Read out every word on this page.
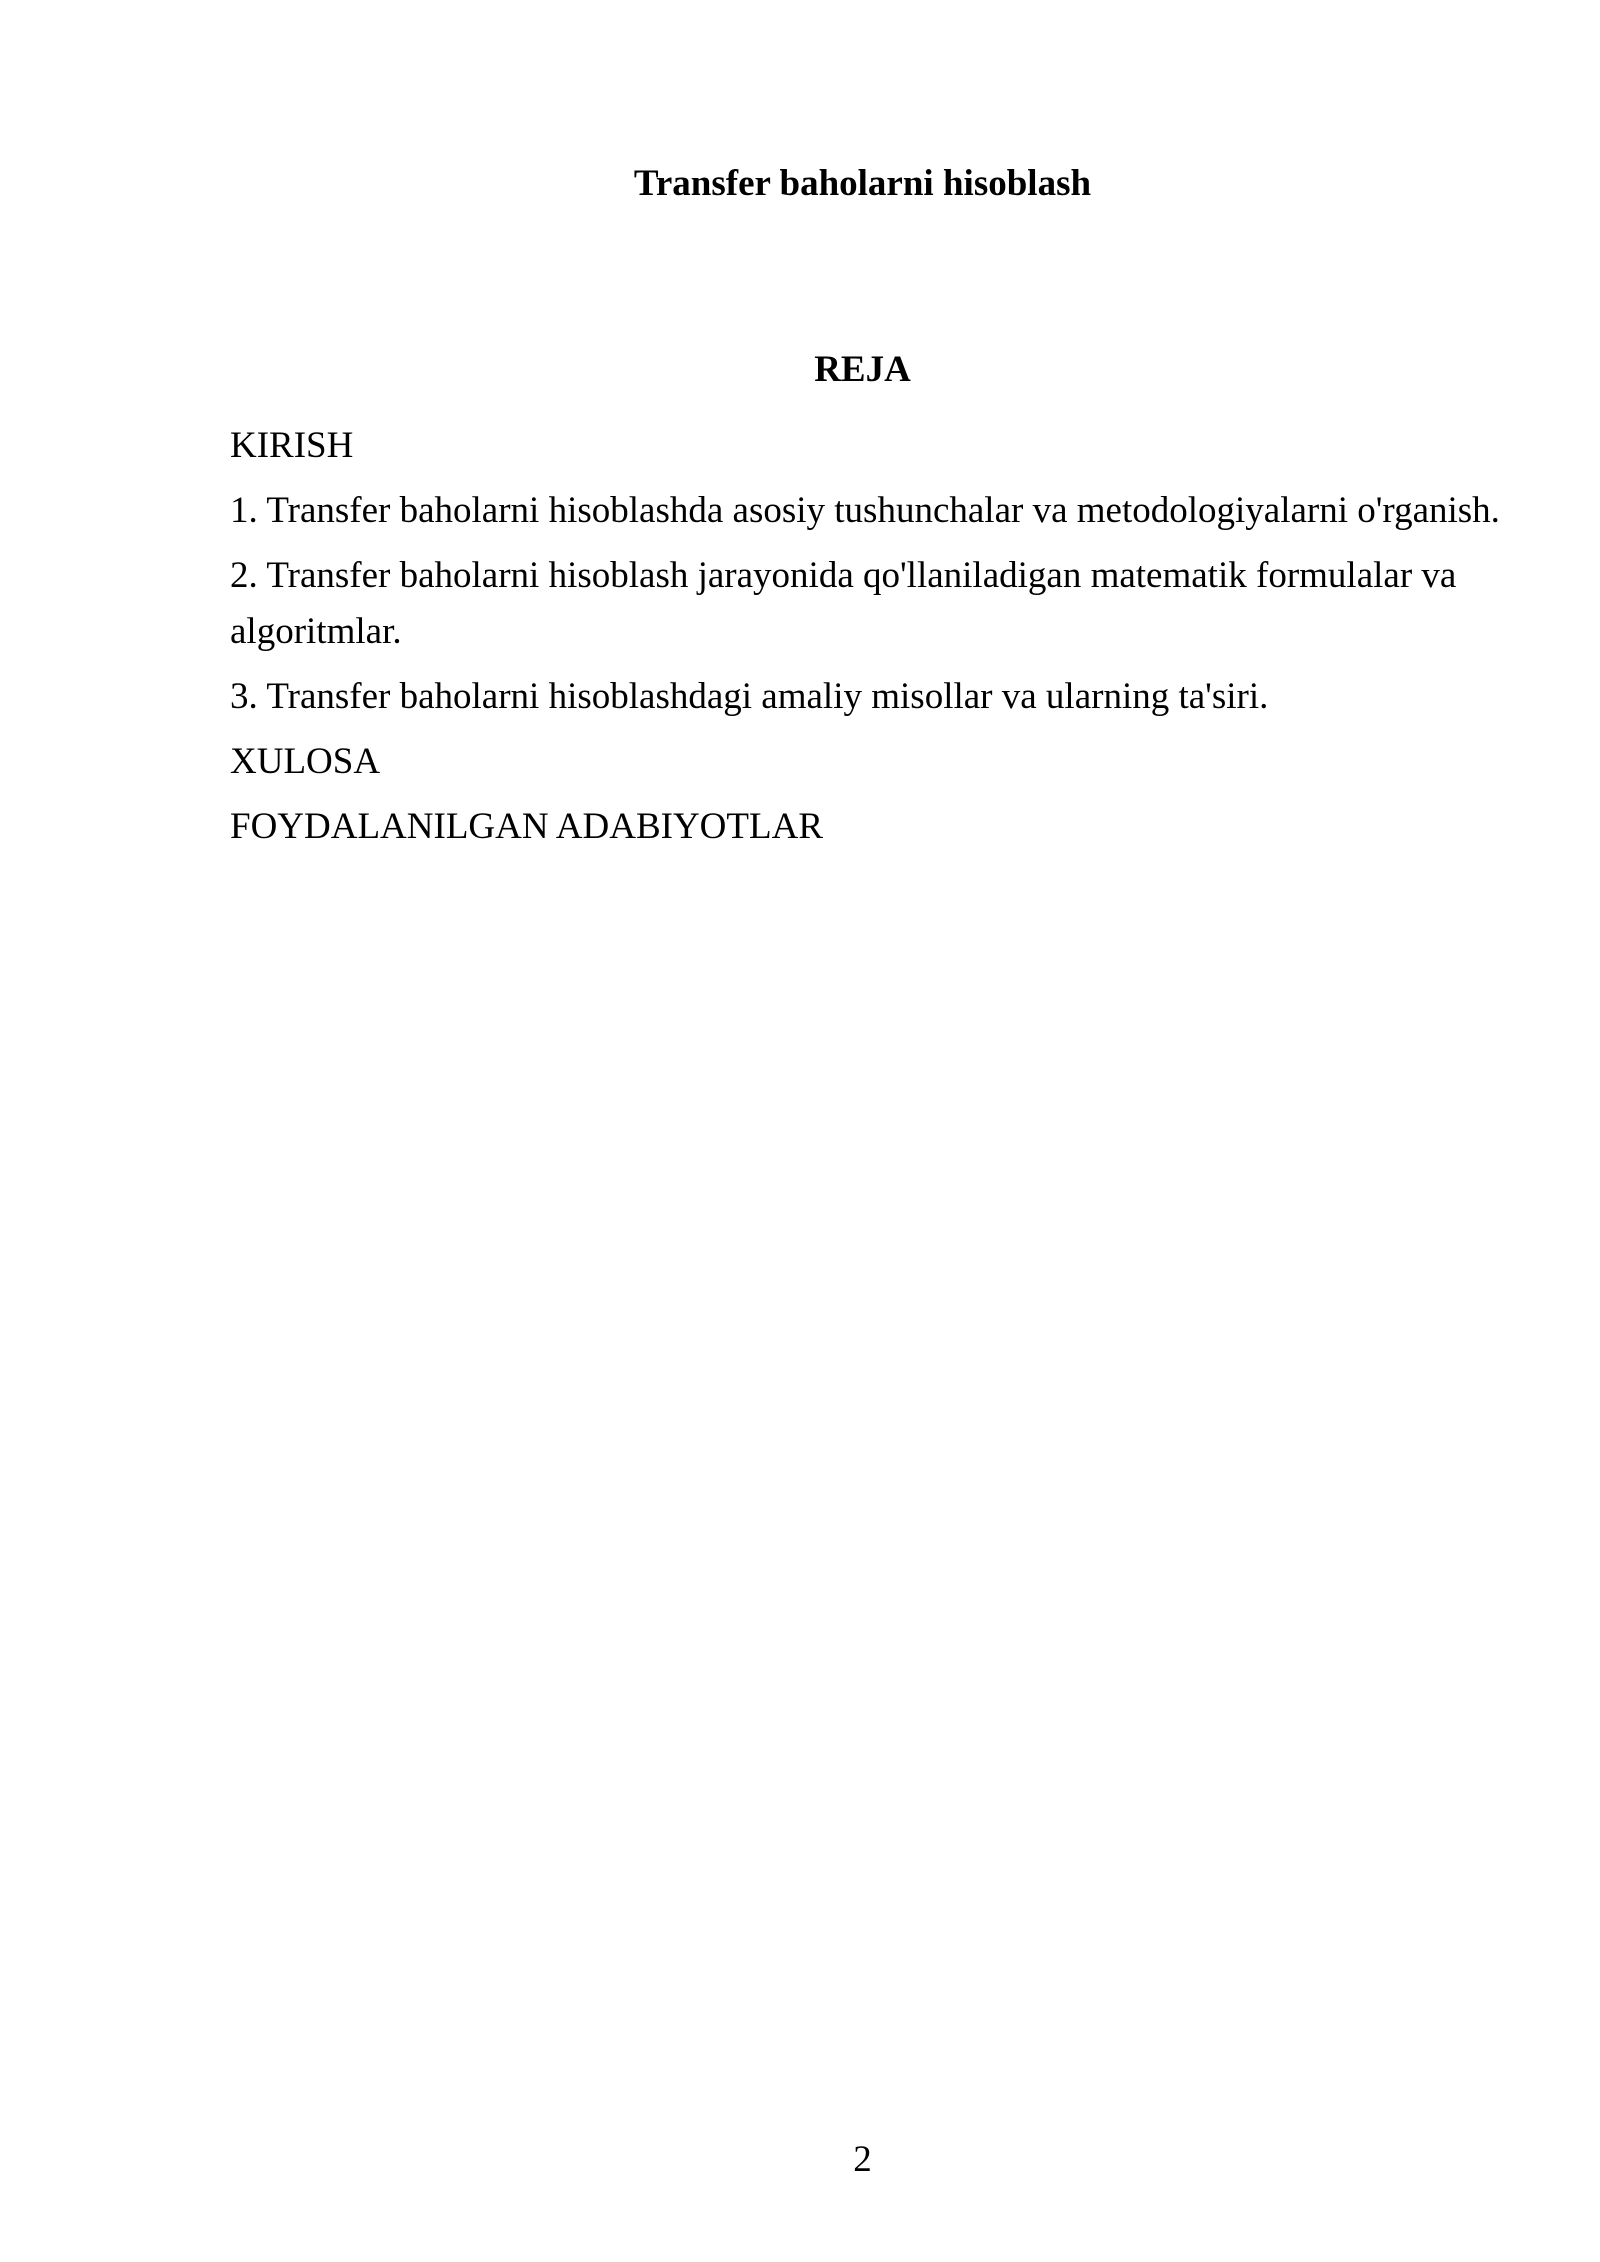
Transfer baholarni hisoblash
REJA
KIRISH
1. Transfer baholarni hisoblashda asosiy tushunchalar va metodologiyalarni o'rganish.
2. Transfer baholarni hisoblash jarayonida qo'llaniladigan matematik formulalar va algoritmlar.
3. Transfer baholarni hisoblashdagi amaliy misollar va ularning ta'siri.
XULOSA
FOYDALANILGAN ADABIYOTLAR
2
